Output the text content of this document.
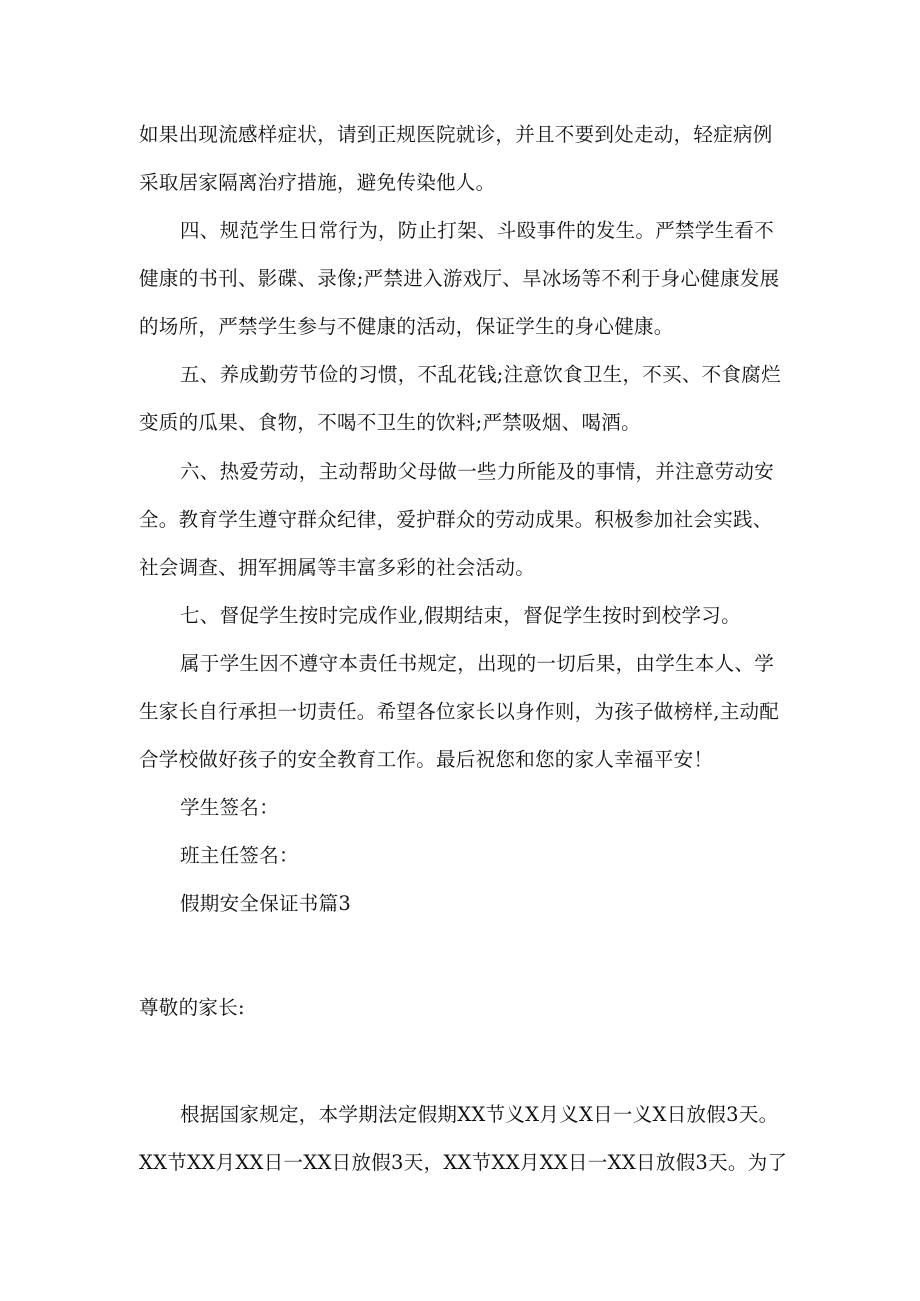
如果出现流感样症状，请到正规医院就诊，并且不要到处走动，轻症病例
采取居家隔离治疗措施，避免传染他人。
四、规范学生日常行为，防止打架、斗殴事件的发生。严禁学生看不
健康的书刊、影碟、录像;严禁进入游戏厅、旱冰场等不利于身心健康发展
的场所，严禁学生参与不健康的活动，保证学生的身心健康。
五、养成勤劳节俭的习惯，不乱花钱;注意饮食卫生，不买、不食腐烂
变质的瓜果、食物，不喝不卫生的饮料;严禁吸烟、喝酒。
六、热爱劳动，主动帮助父母做一些力所能及的事情，并注意劳动安
全。教育学生遵守群众纪律，爱护群众的劳动成果。积极参加社会实践、
社会调查、拥军拥属等丰富多彩的社会活动。
七、督促学生按时完成作业,假期结束，督促学生按时到校学习。
属于学生因不遵守本责任书规定，出现的一切后果，由学生本人、学
生家长自行承担一切责任。希望各位家长以身作则，为孩子做榜样,主动配
合学校做好孩子的安全教育工作。最后祝您和您的家人幸福平安！
学生签名：
班主任签名：
假期安全保证书篇3
尊敬的家长:
根据国家规定，本学期法定假期XX节义X月义X日一义X日放假3天。
XX节XX月XX日一XX日放假3天，XX节XX月XX日一XX日放假3天。为了
